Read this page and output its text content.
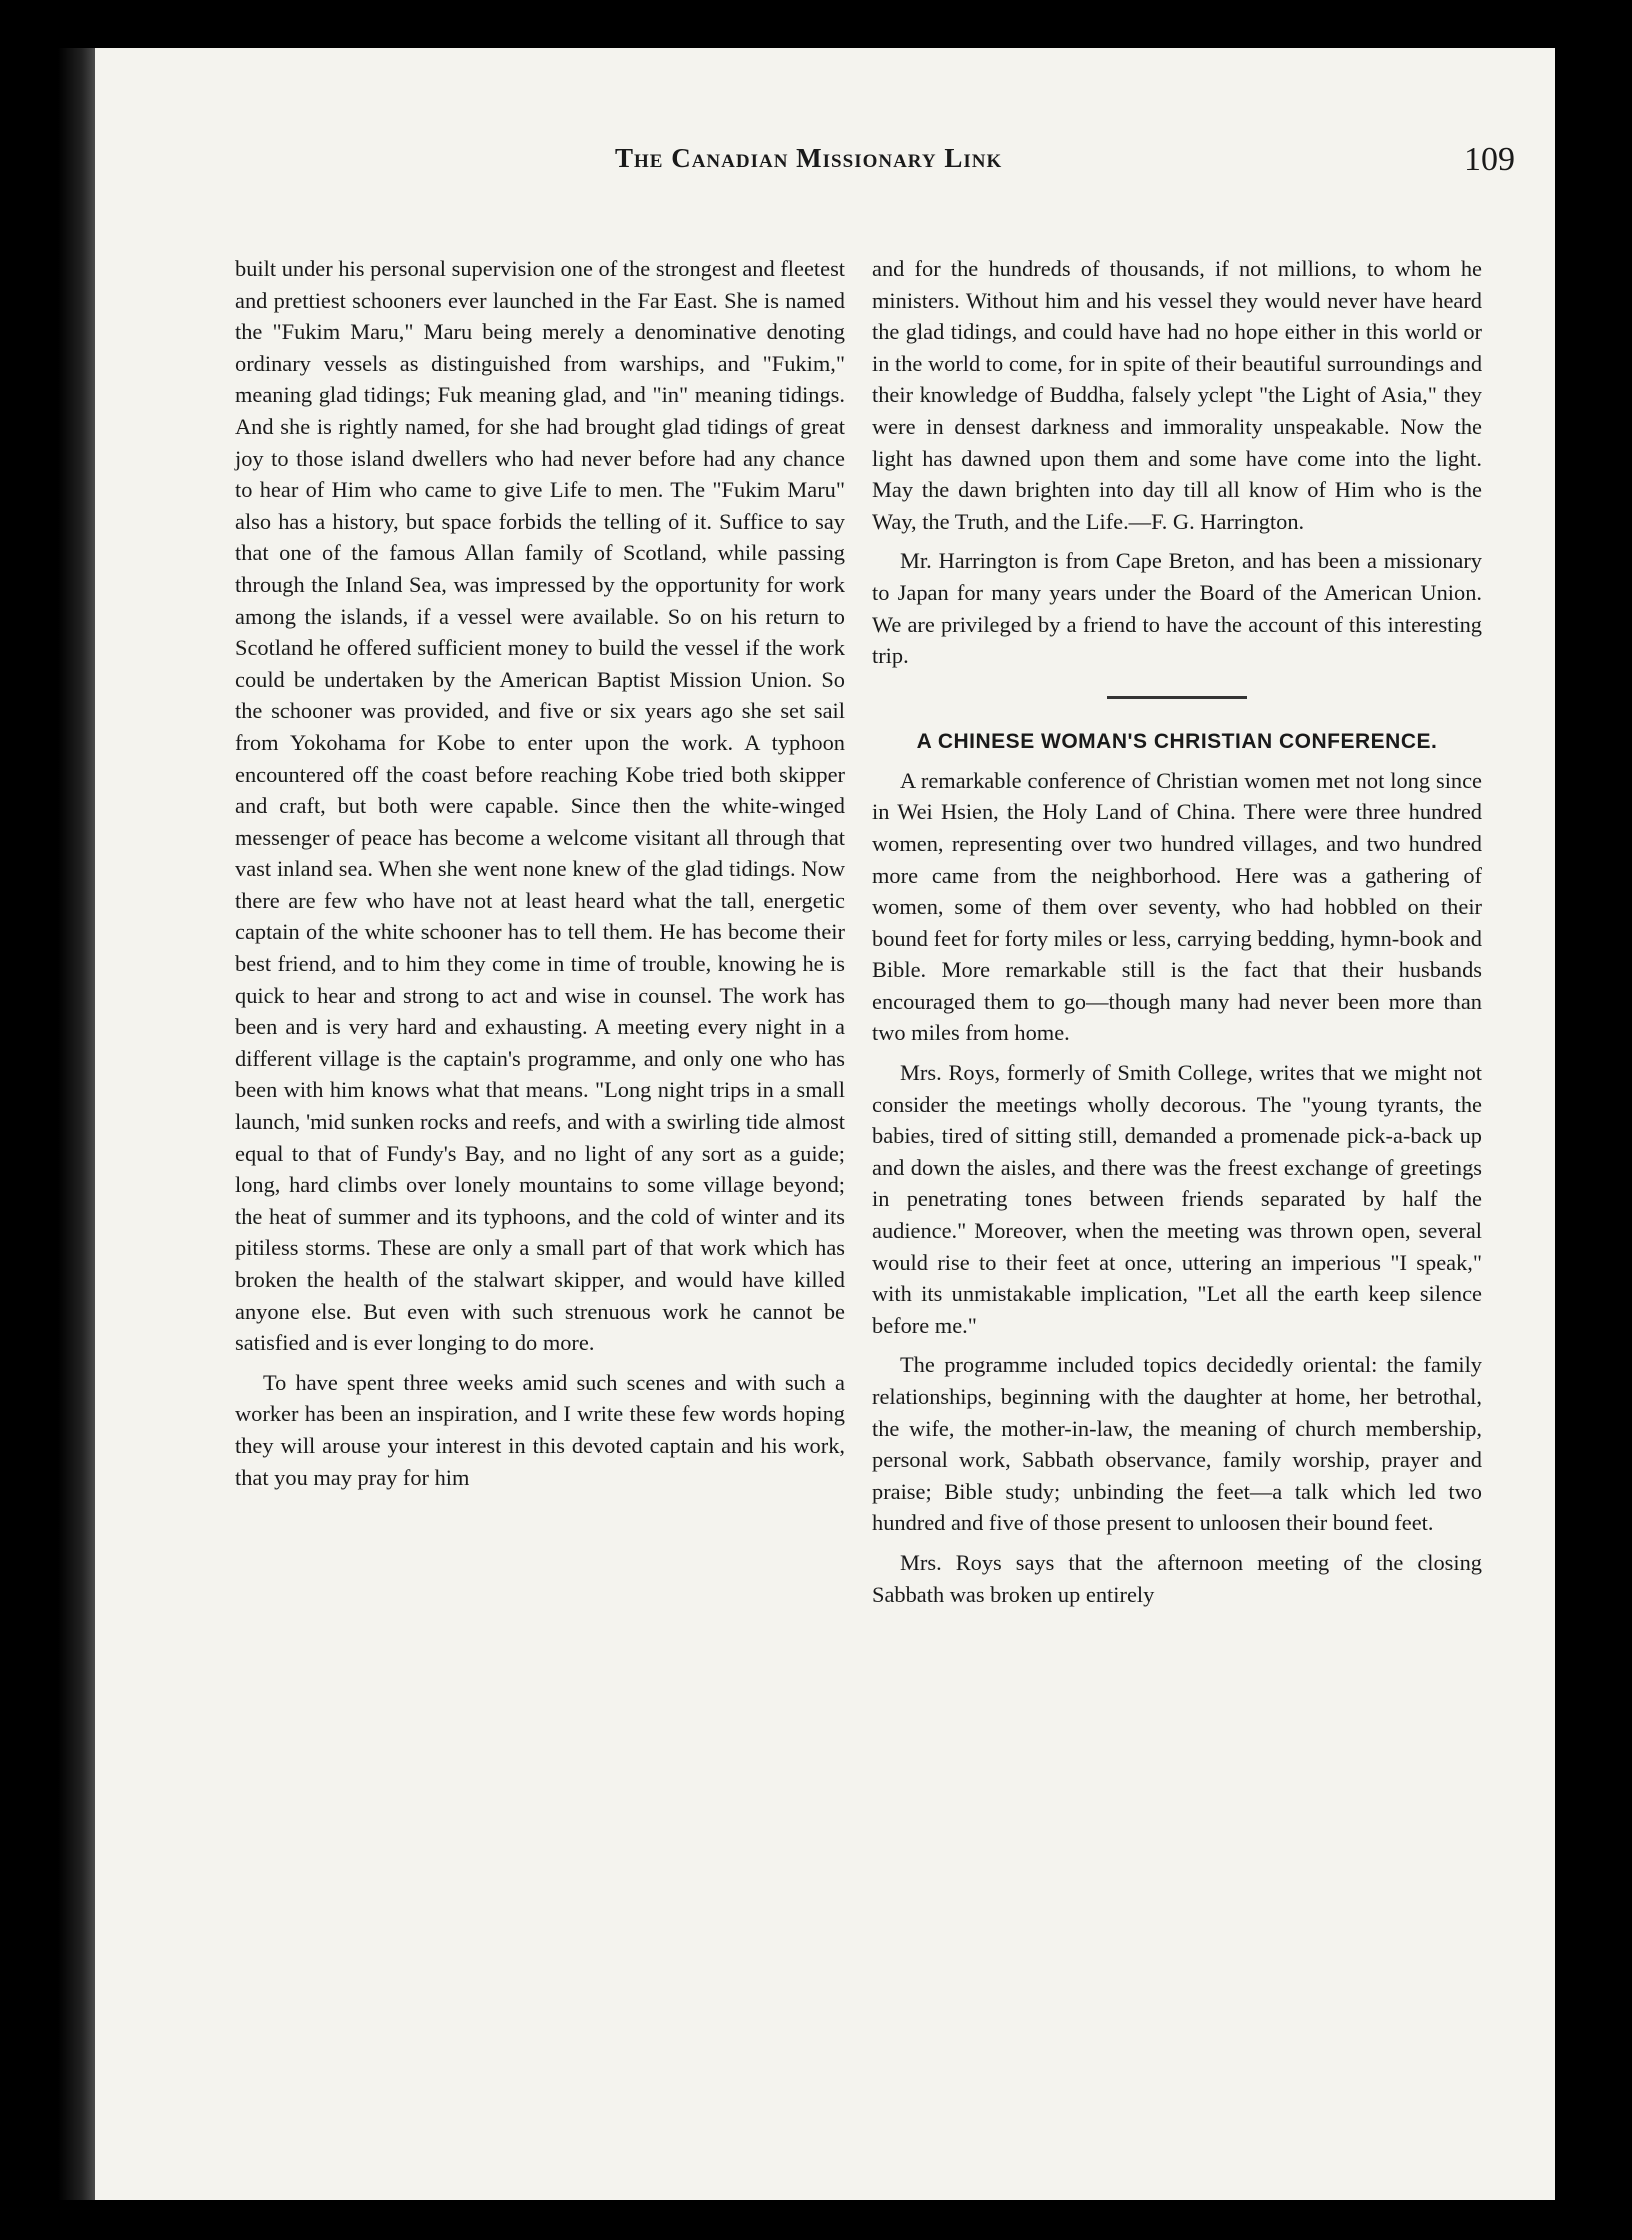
The Canadian Missionary Link	109

built under his personal supervision one of the strongest and fleetest and prettiest schooners ever launched in the Far East. She is named the "Fukim Maru," Maru being merely a denominative denoting ordinary vessels as distinguished from warships, and "Fukim," meaning glad tidings; Fuk meaning glad, and "in" meaning tidings. And she is rightly named, for she had brought glad tidings of great joy to those island dwellers who had never before had any chance to hear of Him who came to give Life to men. The "Fukim Maru" also has a history, but space forbids the telling of it. Suffice to say that one of the famous Allan family of Scotland, while passing through the Inland Sea, was impressed by the opportunity for work among the islands, if a vessel were available. So on his return to Scotland he offered sufficient money to build the vessel if the work could be undertaken by the American Baptist Mission Union. So the schooner was provided, and five or six years ago she set sail from Yokohama for Kobe to enter upon the work. A typhoon encountered off the coast before reaching Kobe tried both skipper and craft, but both were capable. Since then the white-winged messenger of peace has become a welcome visitant all through that vast inland sea. When she went none knew of the glad tidings. Now there are few who have not at least heard what the tall, energetic captain of the white schooner has to tell them. He has become their best friend, and to him they come in time of trouble, knowing he is quick to hear and strong to act and wise in counsel. The work has been and is very hard and exhausting. A meeting every night in a different village is the captain's programme, and only one who has been with him knows what that means. "Long night trips in a small launch, 'mid sunken rocks and reefs, and with a swirling tide almost equal to that of Fundy's Bay, and no light of any sort as a guide; long, hard climbs over lonely mountains to some village beyond; the heat of summer and its typhoons, and the cold of winter and its pitiless storms. These are only a small part of that work which has broken the health of the stalwart skipper, and would have killed anyone else. But even with such strenuous work he cannot be satisfied and is ever longing to do more.

To have spent three weeks amid such scenes and with such a worker has been an inspiration, and I write these few words hoping they will arouse your interest in this devoted captain and his work, that you may pray for him

and for the hundreds of thousands, if not millions, to whom he ministers. Without him and his vessel they would never have heard the glad tidings, and could have had no hope either in this world or in the world to come, for in spite of their beautiful surroundings and their knowledge of Buddha, falsely yclept "the Light of Asia," they were in densest darkness and immorality unspeakable. Now the light has dawned upon them and some have come into the light. May the dawn brighten into day till all know of Him who is the Way, the Truth, and the Life.—F. G. Harrington.

Mr. Harrington is from Cape Breton, and has been a missionary to Japan for many years under the Board of the American Union. We are privileged by a friend to have the account of this interesting trip.

A CHINESE WOMAN'S CHRISTIAN CONFERENCE.

A remarkable conference of Christian women met not long since in Wei Hsien, the Holy Land of China. There were three hundred women, representing over two hundred villages, and two hundred more came from the neighborhood. Here was a gathering of women, some of them over seventy, who had hobbled on their bound feet for forty miles or less, carrying bedding, hymn-book and Bible. More remarkable still is the fact that their husbands encouraged them to go—though many had never been more than two miles from home.

Mrs. Roys, formerly of Smith College, writes that we might not consider the meetings wholly decorous. The "young tyrants, the babies, tired of sitting still, demanded a promenade pick-a-back up and down the aisles, and there was the freest exchange of greetings in penetrating tones between friends separated by half the audience." Moreover, when the meeting was thrown open, several would rise to their feet at once, uttering an imperious "I speak," with its unmistakable implication, "Let all the earth keep silence before me."

The programme included topics decidedly oriental: the family relationships, beginning with the daughter at home, her betrothal, the wife, the mother-in-law, the meaning of church membership, personal work, Sabbath observance, family worship, prayer and praise; Bible study; unbinding the feet—a talk which led two hundred and five of those present to unloosen their bound feet.

Mrs. Roys says that the afternoon meeting of the closing Sabbath was broken up entirely
